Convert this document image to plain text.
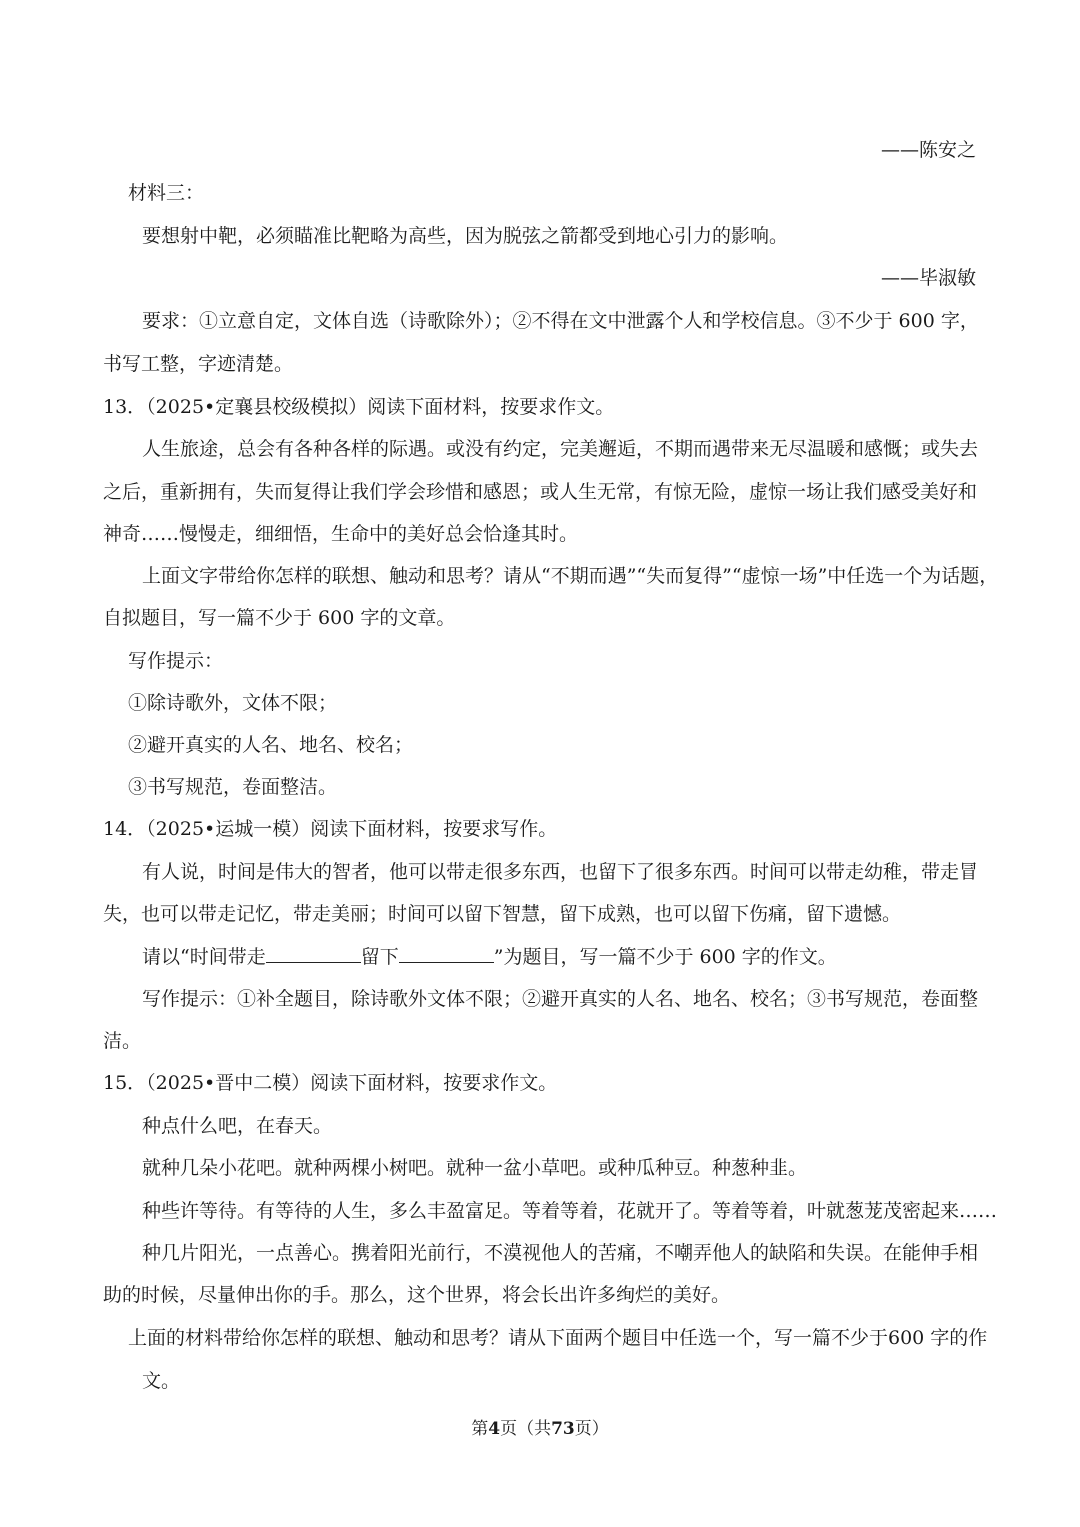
——陈安之
材料三：
要想射中靶，必须瞄准比靶略为高些，因为脱弦之箭都受到地心引力的影响。
——毕淑敏
要求：①立意自定，文体自选（诗歌除外）；②不得在文中泄露个人和学校信息。③不少于 600 字，
书写工整，字迹清楚。
13．（2025•定襄县校级模拟）阅读下面材料，按要求作文。
人生旅途，总会有各种各样的际遇。或没有约定，完美邂逅，不期而遇带来无尽温暖和感慨；或失去
之后，重新拥有，失而复得让我们学会珍惜和感恩；或人生无常，有惊无险，虚惊一场让我们感受美好和
神奇……慢慢走，细细悟，生命中的美好总会恰逢其时。
上面文字带给你怎样的联想、触动和思考？请从“不期而遇”“失而复得”“虚惊一场”中任选一个为话题，
自拟题目，写一篇不少于 600 字的文章。
写作提示：
①除诗歌外，文体不限；
②避开真实的人名、地名、校名；
③书写规范，卷面整洁。
14．（2025•运城一模）阅读下面材料，按要求写作。
有人说，时间是伟大的智者，他可以带走很多东西，也留下了很多东西。时间可以带走幼稚，带走冒
失，也可以带走记忆，带走美丽；时间可以留下智慧，留下成熟，也可以留下伤痛，留下遗憾。
请以“时间带走	留下	”为题目，写一篇不少于 600 字的作文。
写作提示：①补全题目，除诗歌外文体不限；②避开真实的人名、地名、校名；③书写规范，卷面整
洁。
15．（2025•晋中二模）阅读下面材料，按要求作文。
种点什么吧，在春天。
就种几朵小花吧。就种两棵小树吧。就种一盆小草吧。或种瓜种豆。种葱种韭。
种些许等待。有等待的人生，多么丰盈富足。等着等着，花就开了。等着等着，叶就葱茏茂密起来……
种几片阳光，一点善心。携着阳光前行，不漠视他人的苦痛，不嘲弄他人的缺陷和失误。在能伸手相
助的时候，尽量伸出你的手。那么，这个世界，将会长出许多绚烂的美好。
上面的材料带给你怎样的联想、触动和思考？请从下面两个题目中任选一个，写一篇不少于600 字的作
文。
第4页（共73页）
